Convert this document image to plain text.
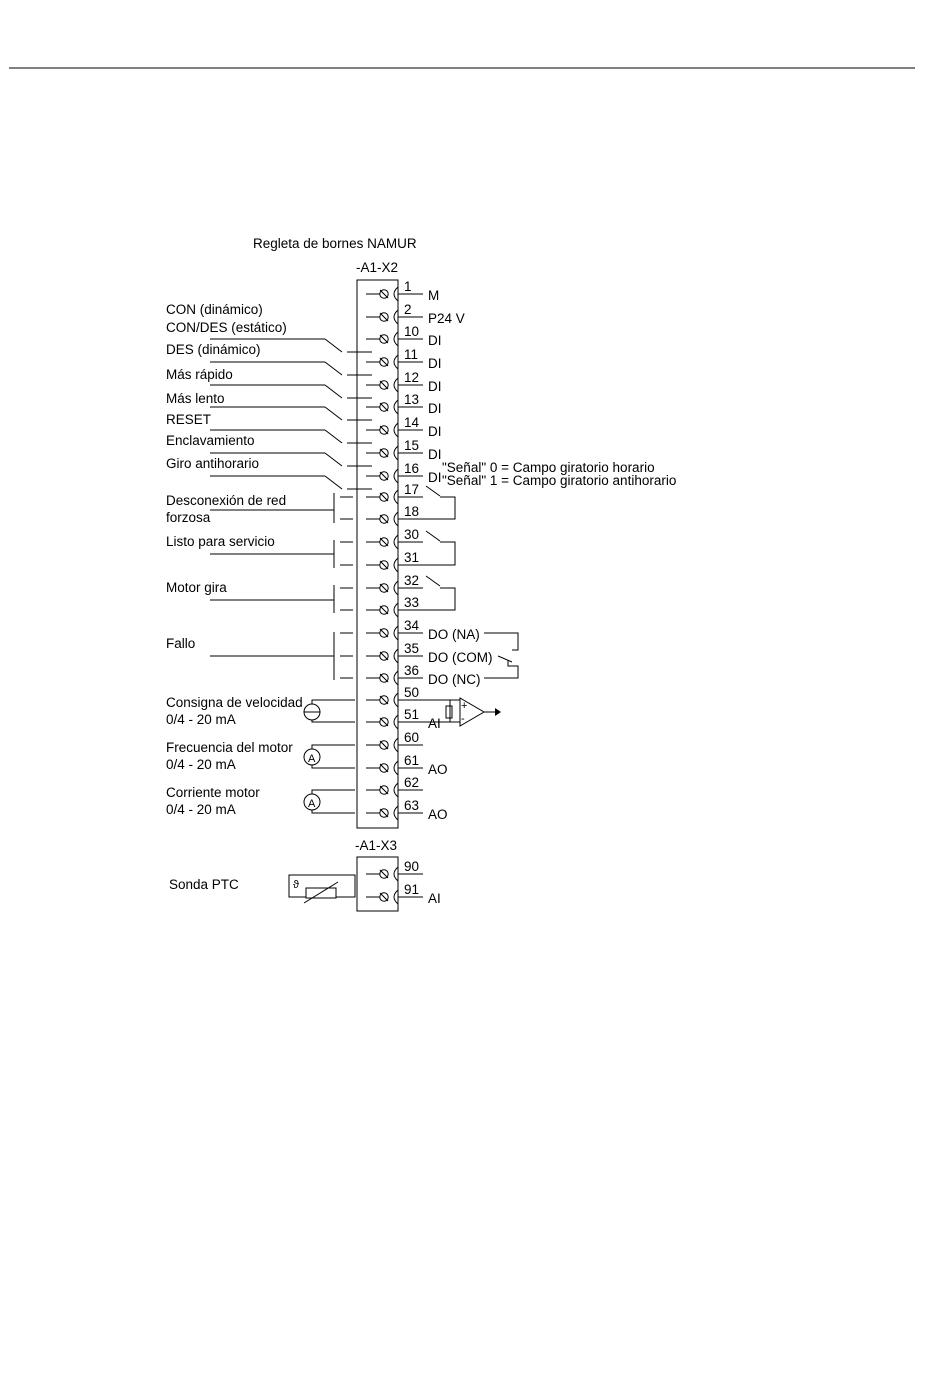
Regleta de bornes NAMUR
-A1-X2
1
M
2
P24 V
10
DI
11
DI
12
DI
13
DI
14
DI
15
DI
16
DI
17
18
30
31
32
33
34
DO (NA)
35
DO (COM)
36
DO (NC)
50
51
AI
60
61
AO
62
63
AO
CON (dinámico)
CON/DES (estático)
DES (dinámico)
Más rápido
Más lento
RESET
Enclavamiento
Giro antihorario
Desconexión de red
forzosa
Listo para servicio
Motor gira
Fallo
Consigna de velocidad
0/4 - 20 mA
Frecuencia del motor
0/4 - 20 mA
Corriente motor
0/4 - 20 mA
+
-
A
A
"Señal" 0 = Campo giratorio horario
"Señal" 1 = Campo giratorio antihorario
-A1-X3
90
91
AI
Sonda PTC	ϑ
